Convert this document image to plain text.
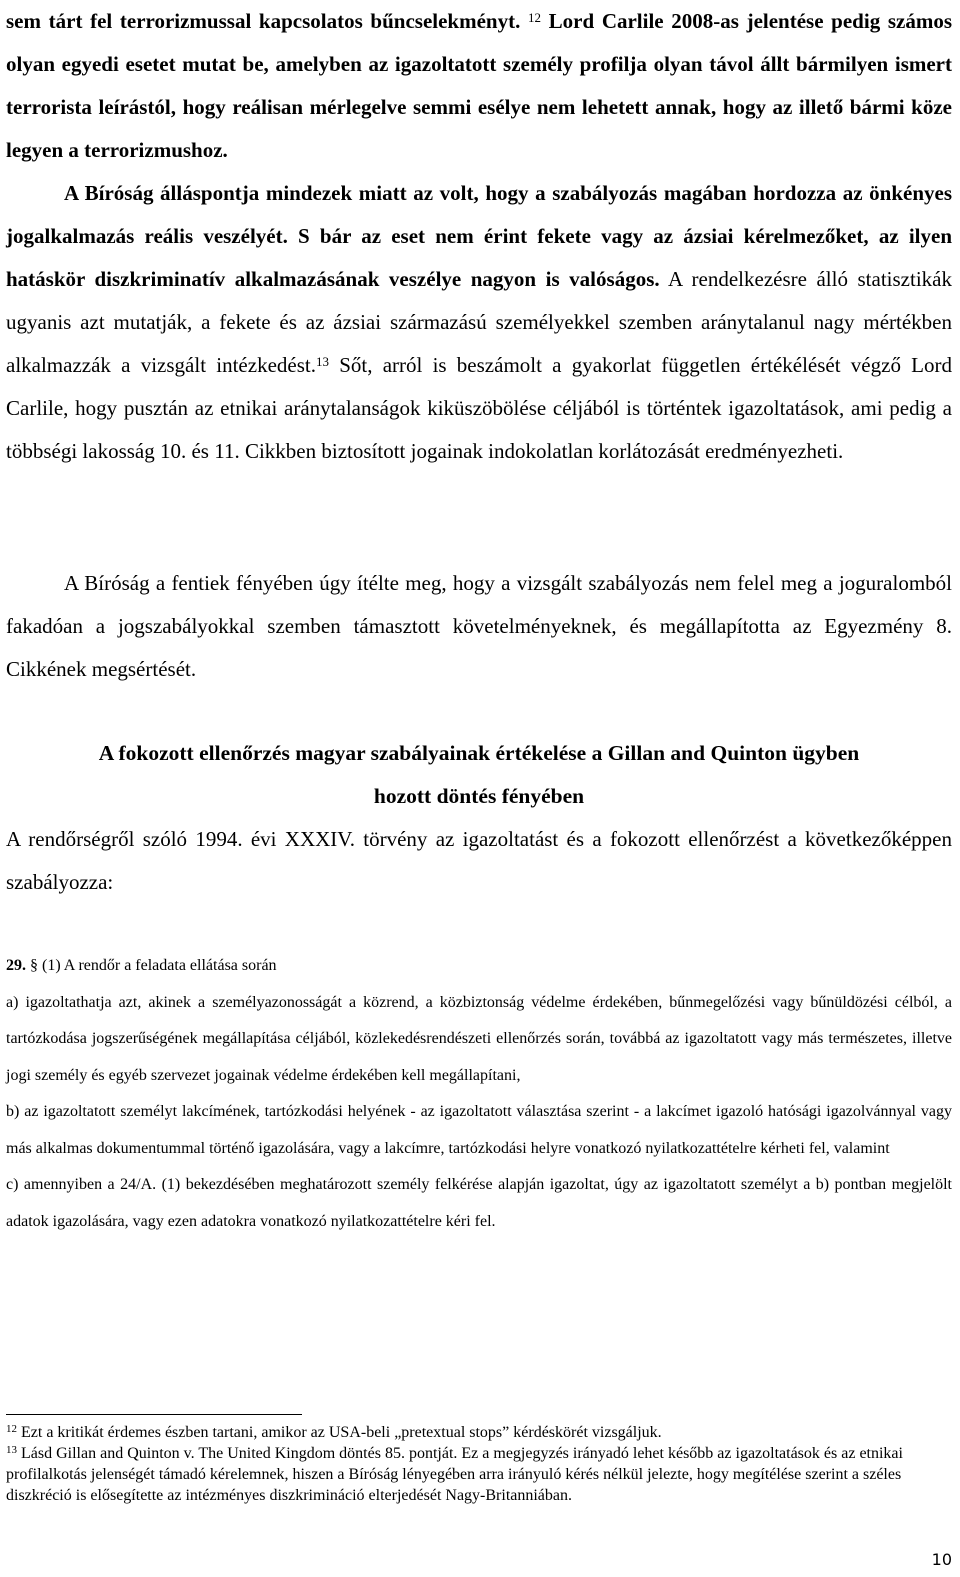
sem tárt fel terrorizmussal kapcsolatos bűncselekményt. $^{12}$ Lord Carlile 2008-as jelentése pedig számos olyan egyedi esetet mutat be, amelyben az igazoltatott személy profilja olyan távol állt bármilyen ismert terrorista leírástól, hogy reálisan mérlegelve semmi esélye nem lehetett annak, hogy az illető bármi köze legyen a terrorizmushoz.
A Bíróság álláspontja mindezek miatt az volt, hogy a szabályozás magában hordozza az önkényes jogalkalmazás reális veszélyét. S bár az eset nem érint fekete vagy az ázsiai kérelmezőket, az ilyen hatáskör diszkriminatív alkalmazásának veszélye nagyon is valóságos. A rendelkezésre álló statisztikák ugyanis azt mutatják, a fekete és az ázsiai származású személyekkel szemben aránytalanul nagy mértékben alkalmazzák a vizsgált intézkedést.$^{13}$ Sőt, arról is beszámolt a gyakorlat független értékélését végző Lord Carlile, hogy pusztán az etnikai aránytalanságok kiküszöbölése céljából is történtek igazoltatások, ami pedig a többségi lakosság 10. és 11. Cikkben biztosított jogainak indokolatlan korlátozását eredményezheti.

A Bíróság a fentiek fényében úgy ítélte meg, hogy a vizsgált szabályozás nem felel meg a joguralomból fakadóan a jogszabályokkal szemben támasztott követelményeknek, és megállapította az Egyezmény 8. Cikkének megsértését.

A fokozott ellenőrzés magyar szabályainak értékelése a Gillan and Quinton ügyben
hozott döntés fényében

A rendőrségről szóló 1994. évi XXXIV. törvény az igazoltatást és a fokozott ellenőrzést a következőképpen szabályozza:

29. § (1) A rendőr a feladata ellátása során

a) igazoltathatja azt, akinek a személyazonosságát a közrend, a közbiztonság védelme érdekében, bűnmegelőzési vagy bűnüldözési célból, a tartózkodása jogszerűségének megállapítása céljából, közlekedésrendészeti ellenőrzés során, továbbá az igazoltatott vagy más természetes, illetve jogi személy és egyéb szervezet jogainak védelme érdekében kell megállapítani,

b) az igazoltatott személyt lakcímének, tartózkodási helyének - az igazoltatott választása szerint - a lakcímet igazoló hatósági igazolvánnyal vagy más alkalmas dokumentummal történő igazolására, vagy a lakcímre, tartózkodási helyre vonatkozó nyilatkozattételre kérheti fel, valamint

c) amennyiben a 24/A. (1) bekezdésében meghatározott személy felkérése alapján igazoltat, úgy az igazoltatott személyt a b) pontban megjelölt adatok igazolására, vagy ezen adatokra vonatkozó nyilatkozattételre kéri fel.

$^{12}$ Ezt a kritikát érdemes észben tartani, amikor az USA-beli „pretextual stops” kérdéskörét vizsgáljuk.

$^{13}$ Lásd Gillan and Quinton v. The United Kingdom döntés 85. pontját. Ez a megjegyzés irányadó lehet később az igazoltatások és az etnikai profilalkotás jelenségét támadó kérelemnek, hiszen a Bíróság lényegében arra irányuló kérés nélkül jelezte, hogy megítélése szerint a széles diszkréció is elősegítette az intézményes diszkrimináció elterjedését Nagy-Britanniában.

10
